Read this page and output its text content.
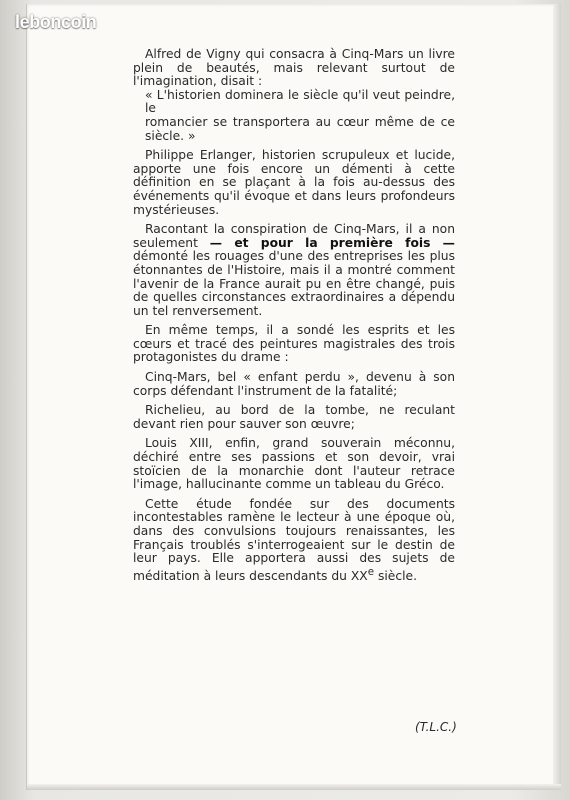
leboncoin

Alfred de Vigny qui consacra à Cinq-Mars un livre plein de beautés, mais relevant surtout de l'imagination, disait :

« L'historien dominera le siècle qu'il veut peindre, le
romancier se transportera au cœur même de ce siècle. »

Philippe Erlanger, historien scrupuleux et lucide, apporte une fois encore un démenti à cette définition en se plaçant à la fois au-dessus des événements qu'il évoque et dans leurs profondeurs mystérieuses.

Racontant la conspiration de Cinq-Mars, il a non seulement — et pour la première fois — démonté les rouages d'une des entreprises les plus étonnantes de l'Histoire, mais il a montré comment l'avenir de la France aurait pu en être changé, puis de quelles circonstances extraordinaires a dépendu un tel renversement.

En même temps, il a sondé les esprits et les cœurs et tracé des peintures magistrales des trois protagonistes du drame :

Cinq-Mars, bel « enfant perdu », devenu à son corps défendant l'instrument de la fatalité;

Richelieu, au bord de la tombe, ne reculant devant rien pour sauver son œuvre;

Louis XIII, enfin, grand souverain méconnu, déchiré entre ses passions et son devoir, vrai stoïcien de la monarchie dont l'auteur retrace l'image, hallucinante comme un tableau du Gréco.

Cette étude fondée sur des documents incontestables ramène le lecteur à une époque où, dans des convulsions toujours renaissantes, les Français troublés s'interrogeaient sur le destin de leur pays. Elle apportera aussi des sujets de méditation à leurs descendants du XXe siècle.

(T.L.C.)
